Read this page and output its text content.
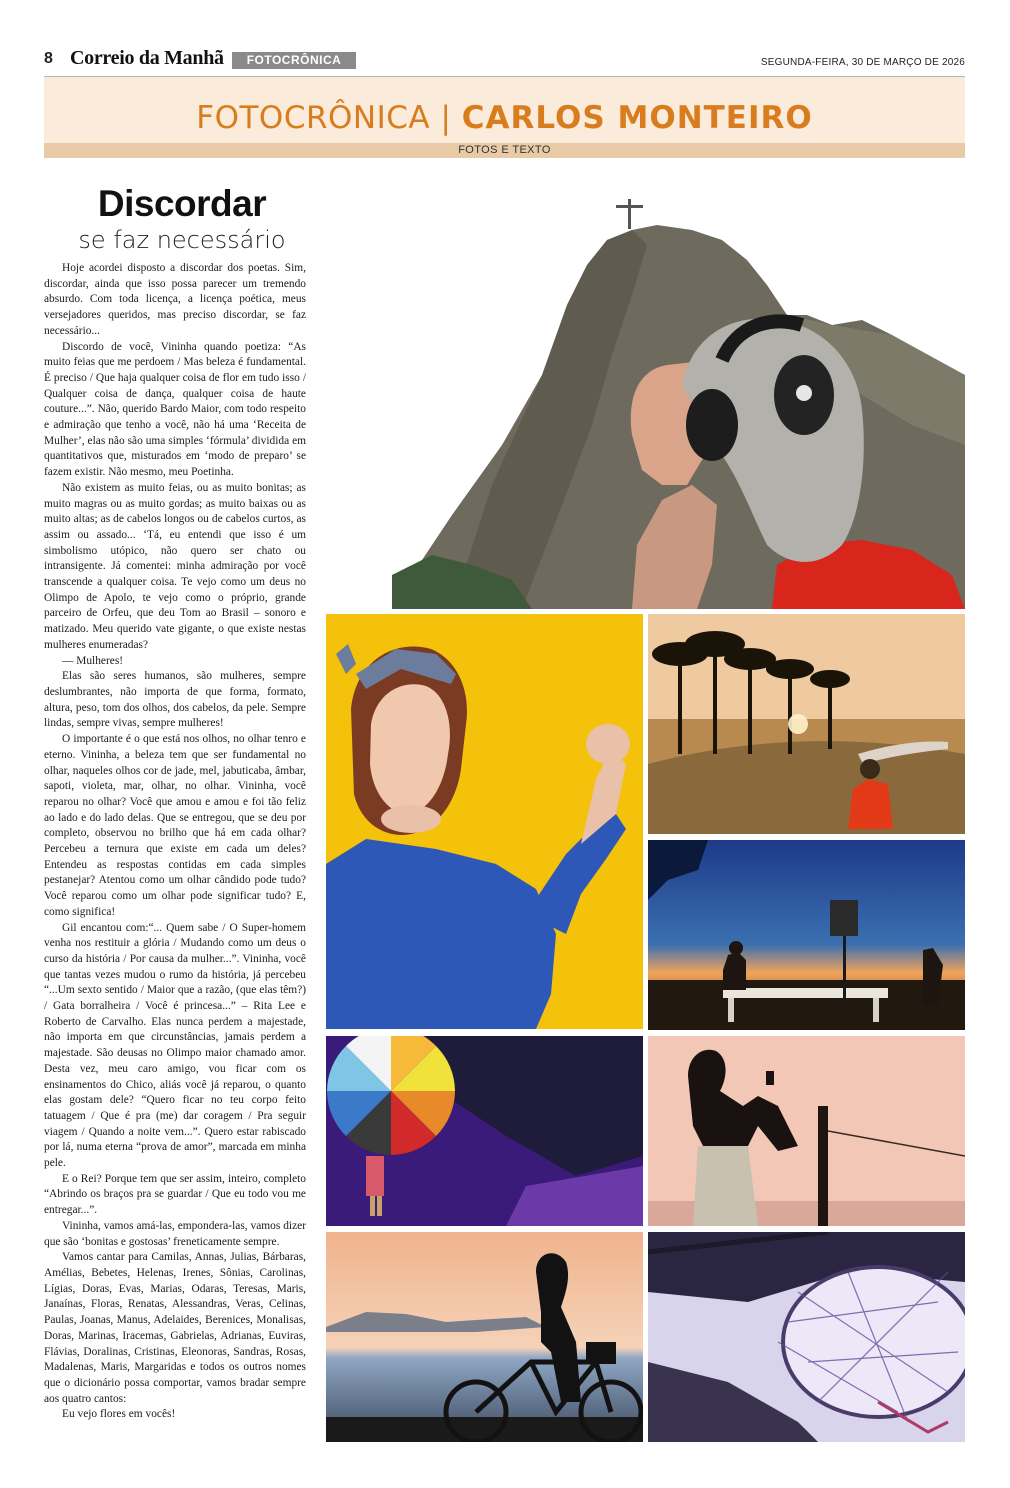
8 Correio da Manhã	FOTOCRÔNICA	SEGUNDA-FEIRA, 30 DE MARÇO DE 2026
FOTOCRÔNICA | CARLOS MONTEIRO
FOTOS E TEXTO
Discordar
se faz necessário

Hoje acordei disposto a discordar dos poetas. Sim, discordar, ainda que isso possa parecer um tremendo absurdo. Com toda licença, a licença poética, meus versejadores queridos, mas preciso discordar, se faz necessário...

Discordo de você, Vininha quando poetiza: “As muito feias que me perdoem / Mas beleza é fundamental. É preciso / Que haja qualquer coisa de flor em tudo isso / Qualquer coisa de dança, qualquer coisa de haute couture...”. Não, querido Bardo Maior, com todo respeito e admiração que tenho a você, não há uma ‘Receita de Mulher’, elas não são uma simples ‘fórmula’ dividida em quantitativos que, misturados em ‘modo de preparo’ se fazem existir. Não mesmo, meu Poetinha.

Não existem as muito feias, ou as muito bonitas; as muito magras ou as muito gordas; as muito baixas ou as muito altas; as de cabelos longos ou de cabelos curtos, as assim ou assado... ‘Tá, eu entendi que isso é um simbolismo utópico, não quero ser chato ou intransigente. Já comentei: minha admiração por você transcende a qualquer coisa. Te vejo como um deus no Olimpo de Apolo, te vejo como o próprio, grande parceiro de Orfeu, que deu Tom ao Brasil – sonoro e matizado. Meu querido vate gigante, o que existe nestas mulheres enumeradas?

— Mulheres!

Elas são seres humanos, são mulheres, sempre deslumbrantes, não importa de que forma, formato, altura, peso, tom dos olhos, dos cabelos, da pele. Sempre lindas, sempre vivas, sempre mulheres!

O importante é o que está nos olhos, no olhar tenro e eterno. Vininha, a beleza tem que ser fundamental no olhar, naqueles olhos cor de jade, mel, jabuticaba, âmbar, sapoti, violeta, mar, olhar, no olhar. Vininha, você reparou no olhar? Você que amou e amou e foi tão feliz ao lado e do lado delas. Que se entregou, que se deu por completo, observou no brilho que há em cada olhar? Percebeu a ternura que existe em cada um deles? Entendeu as respostas contidas em cada simples pestanejar? Atentou como um olhar cândido pode tudo? Você reparou como um olhar pode significar tudo? E, como significa!

Gil encantou com:“... Quem sabe / O Super-homem venha nos restituir a glória / Mudando como um deus o curso da história / Por causa da mulher...”. Vininha, você que tantas vezes mudou o rumo da história, já percebeu “...Um sexto sentido / Maior que a razão, (que elas têm?) / Gata borralheira / Você é princesa...” – Rita Lee e Roberto de Carvalho. Elas nunca perdem a majestade, não importa em que circunstâncias, jamais perdem a majestade. São deusas no Olimpo maior chamado amor. Desta vez, meu caro amigo, vou ficar com os ensinamentos do Chico, aliás você já reparou, o quanto elas gostam dele? “Quero ficar no teu corpo feito tatuagem / Que é pra (me) dar coragem / Pra seguir viagem / Quando a noite vem...”. Quero estar rabiscado por lá, numa eterna “prova de amor”, marcada em minha pele.

E o Rei? Porque tem que ser assim, inteiro, completo “Abrindo os braços pra se guardar / Que eu todo vou me entregar...”.

Vininha, vamos amá-las, empondera-las, vamos dizer que são ‘bonitas e gostosas’ freneticamente sempre.

Vamos cantar para Camilas, Annas, Julias, Bárbaras, Amélias, Bebetes, Helenas, Irenes, Sônias, Carolinas, Lígias, Doras, Evas, Marias, Odaras, Teresas, Maris, Janaínas, Floras, Renatas, Alessandras, Veras, Celinas, Paulas, Joanas, Manus, Adelaides, Berenices, Monalisas, Doras, Marinas, Iracemas, Gabrielas, Adrianas, Euviras, Flávias, Doralinas, Cristinas, Eleonoras, Sandras, Rosas, Madalenas, Maris, Margaridas e todos os outros nomes que o dicionário possa comportar, vamos bradar sempre aos quatro cantos:

Eu vejo flores em vocês!
